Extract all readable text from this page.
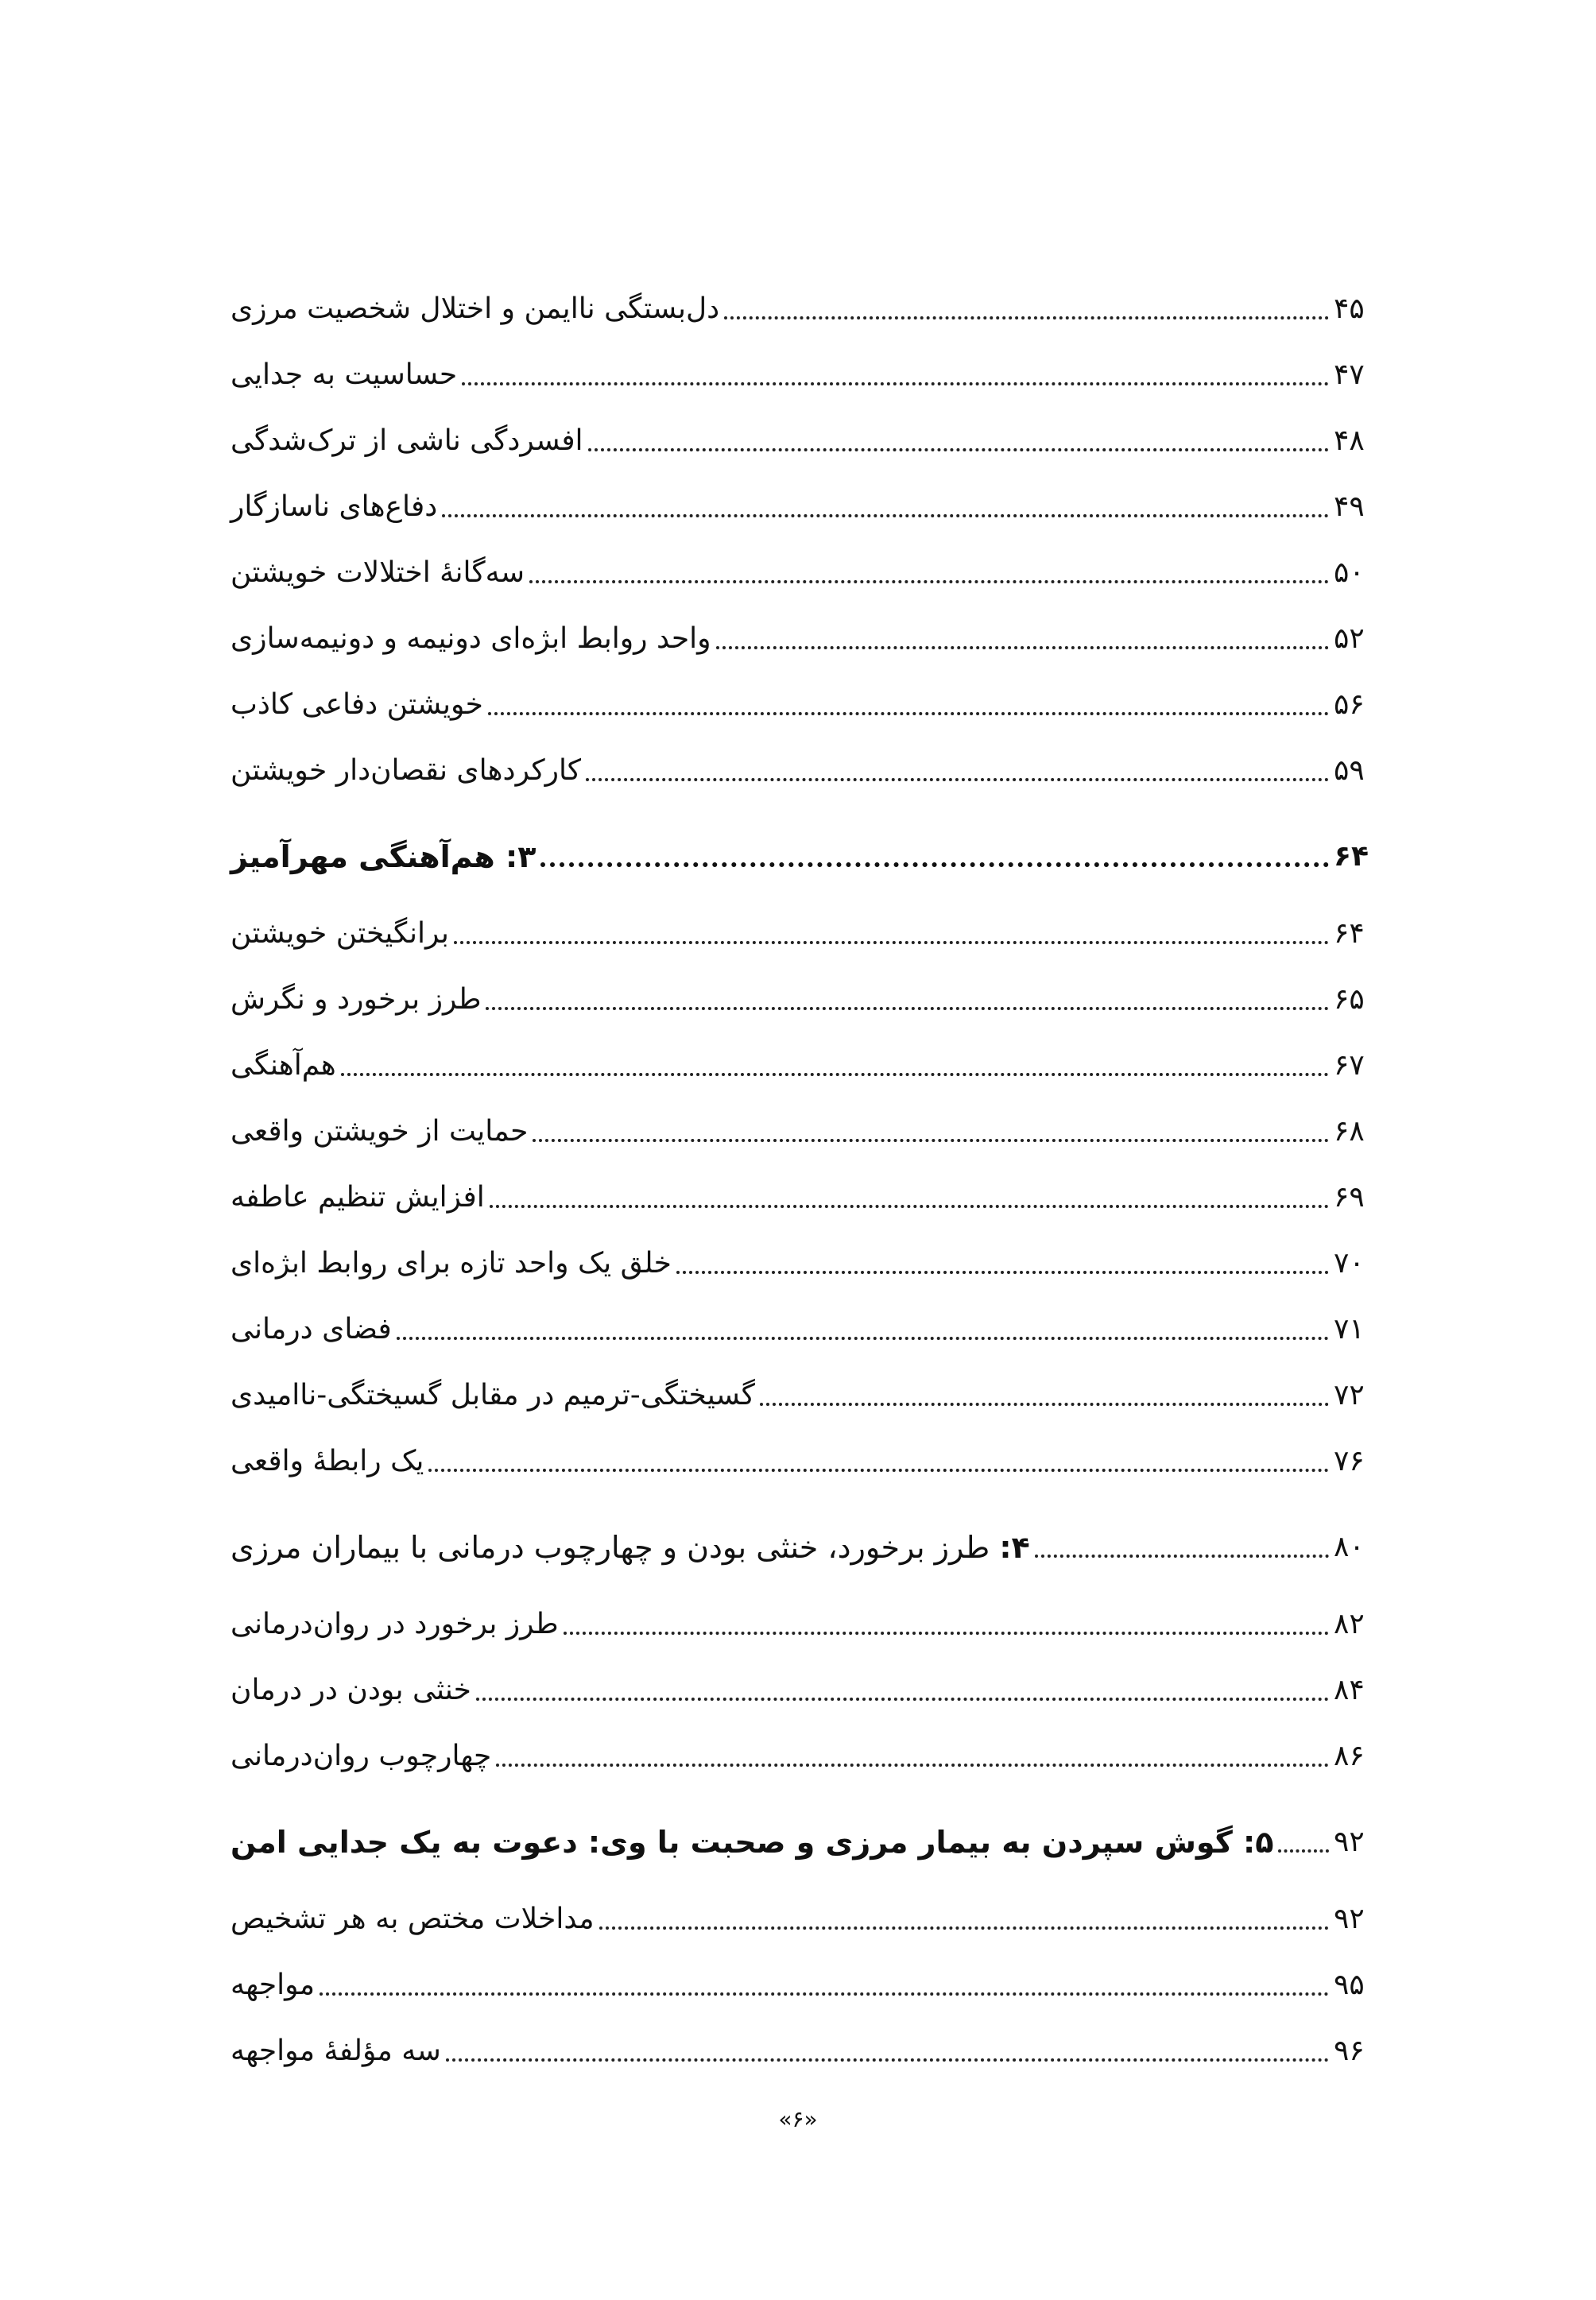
دل‌بستگی ناایمن و اختلال شخصیت مرزی	۴۵
حساسیت به جدایی	۴۷
افسردگی ناشی از ترک‌شدگی	۴۸
دفاع‌های ناسازگار	۴۹
سه‌گانهٔ اختلالات خویشتن	۵۰
واحد روابط ابژه‌ای دونیمه و دونیمه‌سازی	۵۲
خویشتن دفاعی کاذب	۵۶
کارکردهای نقصان‌دار خویشتن	۵۹
۳: هم‌آهنگی مهرآمیز	۶۴
برانگیختن خویشتن	۶۴
طرز برخورد و نگرش	۶۵
هم‌آهنگی	۶۷
حمایت از خویشتن واقعی	۶۸
افزایش تنظیم عاطفه	۶۹
خلق یک واحد تازه برای روابط ابژه‌ای	۷۰
فضای درمانی	۷۱
گسیختگی-ترمیم در مقابل گسیختگی-ناامیدی	۷۲
یک رابطهٔ واقعی	۷۶
۴: طرز برخورد، خنثی بودن و چهارچوب درمانی با بیماران مرزی	۸۰
طرز برخورد در روان‌درمانی	۸۲
خنثی بودن در درمان	۸۴
چهارچوب روان‌درمانی	۸۶
۵: گوش سپردن به بیمار مرزی و صحبت با وی: دعوت به یک جدایی امن	۹۲
مداخلات مختص به هر تشخیص	۹۲
مواجهه	۹۵
سه مؤلفهٔ مواجهه	۹۶
«۶»
